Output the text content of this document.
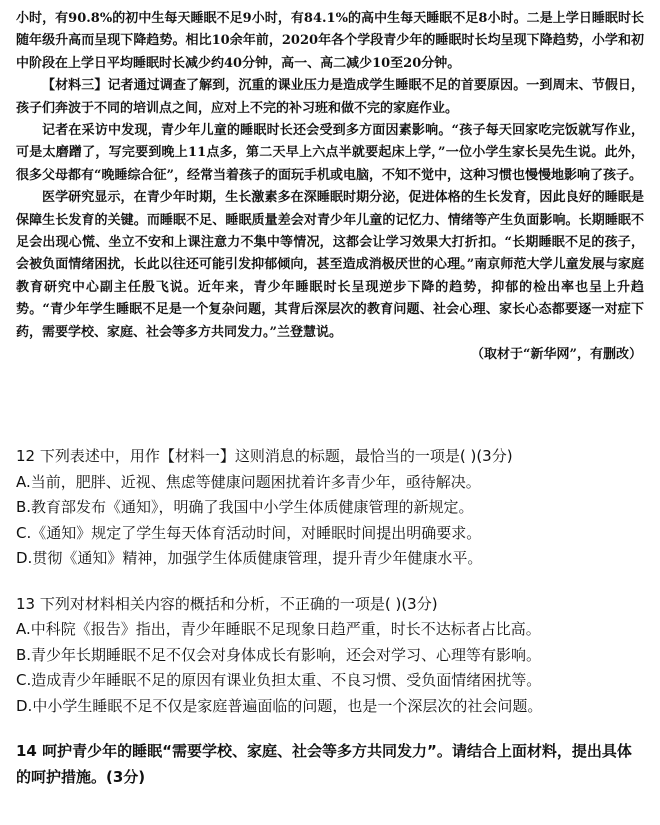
小时，有90.8%的初中生每天睡眠不足9小时，有84.1%的高中生每天睡眠不足8小时。二是上学日睡眠时长随年级升高而呈现下降趋势。相比10余年前，2020年各个学段青少年的睡眠时长均呈现下降趋势，小学和初中阶段在上学日平均睡眠时长减少约40分钟，高一、高二减少10至20分钟。

【材料三】记者通过调查了解到，沉重的课业压力是造成学生睡眠不足的首要原因。一到周末、节假日，孩子们奔波于不同的培训点之间，应对上不完的补习班和做不完的家庭作业。

记者在采访中发现，青少年儿童的睡眠时长还会受到多方面因素影响。“孩子每天回家吃完饭就写作业，可是太磨蹭了，写完要到晚上11点多，第二天早上六点半就要起床上学，”一位小学生家长吴先生说。此外，很多父母都有“晚睡综合征”，经常当着孩子的面玩手机或电脑，不知不觉中，这种习惯也慢慢地影响了孩子。

医学研究显示，在青少年时期，生长激素多在深睡眠时期分泌，促进体格的生长发育，因此良好的睡眠是保障生长发育的关键。而睡眠不足、睡眠质量差会对青少年儿童的记忆力、情绪等产生负面影响。长期睡眠不足会出现心慌、坐立不安和上课注意力不集中等情况，这都会让学习效果大打折扣。“长期睡眠不足的孩子，会被负面情绪困扰，长此以往还可能引发抑郁倾向，甚至造成消极厌世的心理。”南京师范大学儿童发展与家庭教育研究中心副主任殷飞说。近年来，青少年睡眠时长呈现逆步下降的趋势，抑郁的检出率也呈上升趋势。“青少年学生睡眠不足是一个复杂问题，其背后深层次的教育问题、社会心理、家长心态都要逐一对症下药，需要学校、家庭、社会等多方共同发力。”兰登慧说。

（取材于“新华网”，有删改）

12 下列表述中，用作【材料一】这则消息的标题，最恰当的一项是( )(3分)

A.当前，肥胖、近视、焦虑等健康问题困扰着许多青少年，亟待解决。

B.教育部发布《通知》，明确了我国中小学生体质健康管理的新规定。

C.《通知》规定了学生每天体育活动时间，对睡眠时间提出明确要求。

D.贯彻《通知》精神，加强学生体质健康管理，提升青少年健康水平。

13 下列对材料相关内容的概括和分析，不正确的一项是( )(3分)

A.中科院《报告》指出，青少年睡眠不足现象日趋严重，时长不达标者占比高。

B.青少年长期睡眠不足不仅会对身体成长有影响，还会对学习、心理等有影响。

C.造成青少年睡眠不足的原因有课业负担太重、不良习惯、受负面情绪困扰等。

D.中小学生睡眠不足不仅是家庭普遍面临的问题，也是一个深层次的社会问题。

14 呵护青少年的睡眠“需要学校、家庭、社会等多方共同发力”。请结合上面材料，提出具体的呵护措施。(3分)
